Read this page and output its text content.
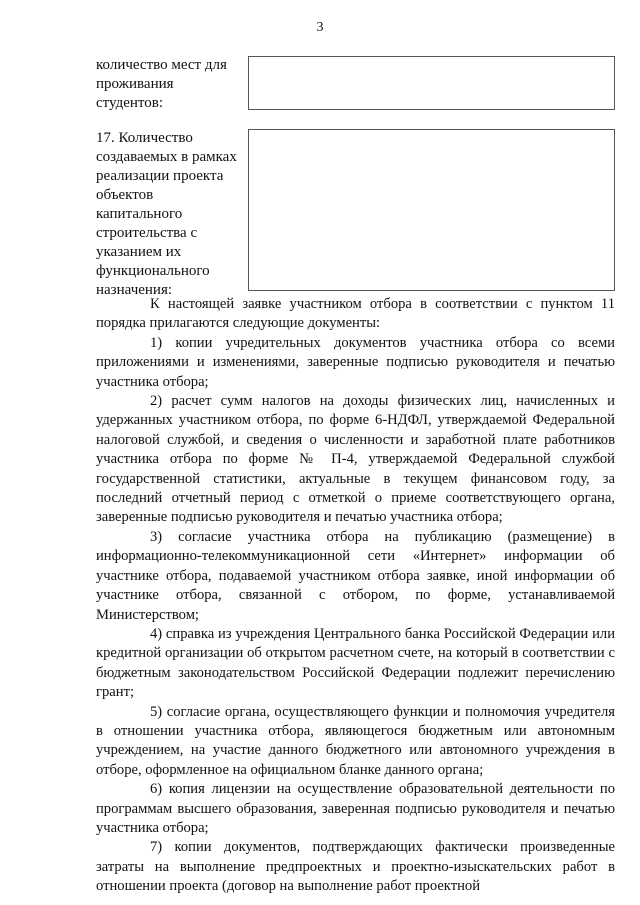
3
количество мест для
проживания
студентов:
17. Количество
создаваемых в рамках
реализации проекта
объектов
капитального
строительства с
указанием их
функционального
назначения:

К настоящей заявке участником отбора в соответствии с пунктом 11 порядка прилагаются следующие документы:

1) копии учредительных документов участника отбора со всеми приложениями и изменениями, заверенные подписью руководителя и печатью участника отбора;

2) расчет сумм налогов на доходы физических лиц, начисленных и удержанных участником отбора, по форме 6-НДФЛ, утверждаемой Федеральной налоговой службой, и сведения о численности и заработной плате работников участника отбора по форме № П-4, утверждаемой Федеральной службой государственной статистики, актуальные в текущем финансовом году, за последний отчетный период с отметкой о приеме соответствующего органа, заверенные подписью руководителя и печатью участника отбора;

3) согласие участника отбора на публикацию (размещение) в информационно-телекоммуникационной сети «Интернет» информации об участнике отбора, подаваемой участником отбора заявке, иной информации об участнике отбора, связанной с отбором, по форме, устанавливаемой Министерством;

4) справка из учреждения Центрального банка Российской Федерации или кредитной организации об открытом расчетном счете, на который в соответствии с бюджетным законодательством Российской Федерации подлежит перечислению грант;

5) согласие органа, осуществляющего функции и полномочия учредителя в отношении участника отбора, являющегося бюджетным или автономным учреждением, на участие данного бюджетного или автономного учреждения в отборе, оформленное на официальном бланке данного органа;

6) копия лицензии на осуществление образовательной деятельности по программам высшего образования, заверенная подписью руководителя и печатью участника отбора;

7) копии документов, подтверждающих фактически произведенные затраты на выполнение предпроектных и проектно-изыскательских работ в отношении проекта (договор на выполнение работ проектной
